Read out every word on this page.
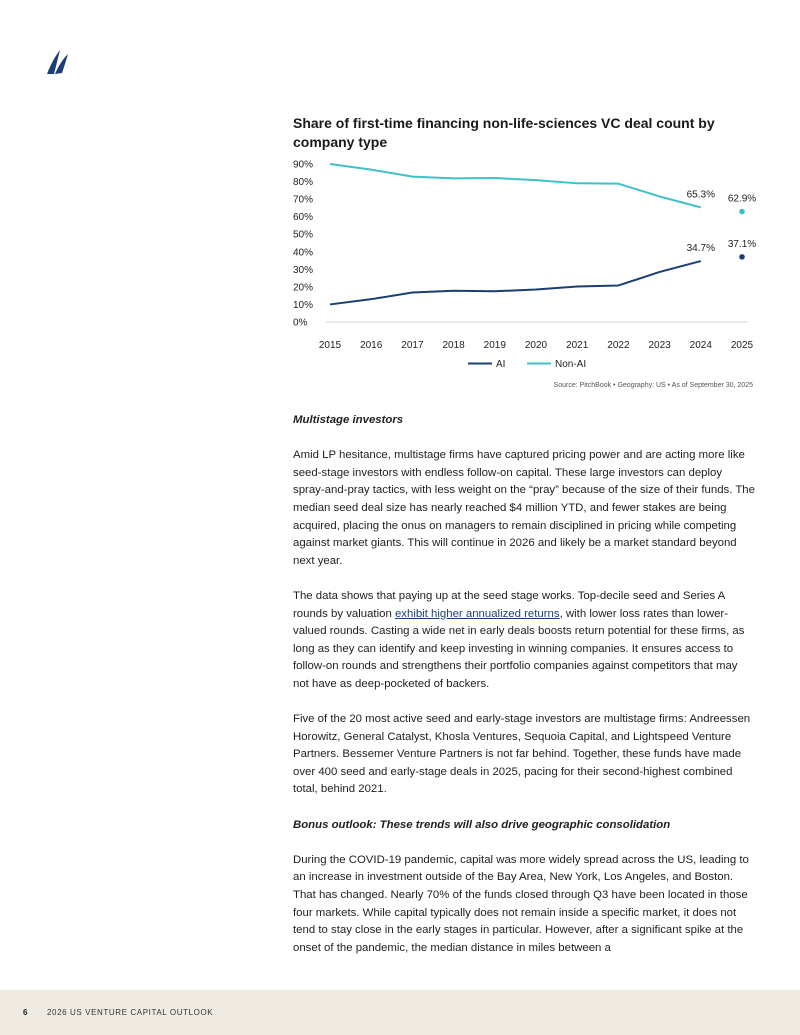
Share of first-time financing non-life-sciences VC deal count by company type
0%
10%
20%
30%
40%
50%
60%
70%
80%
90%
2015 2016 2017 2018 2019 2020 2021 2022 2023 2024 2025
34.7% 37.1%
65.3% 62.9%
AI	Non-AI
Source: PitchBook • Geography: US • As of September 30, 2025

Multistage investors

Amid LP hesitance, multistage firms have captured pricing power and are acting more like seed-stage investors with endless follow-on capital. These large investors can deploy spray-and-pray tactics, with less weight on the “pray” because of the size of their funds. The median seed deal size has nearly reached $4 million YTD, and fewer stakes are being acquired, placing the onus on managers to remain disciplined in pricing while competing against market giants. This will continue in 2026 and likely be a market standard beyond next year.

The data shows that paying up at the seed stage works. Top-decile seed and Series A rounds by valuation exhibit higher annualized returns, with lower loss rates than lower-valued rounds. Casting a wide net in early deals boosts return potential for these firms, as long as they can identify and keep investing in winning companies. It ensures access to follow-on rounds and strengthens their portfolio companies against competitors that may not have as deep-pocketed of backers.

Five of the 20 most active seed and early-stage investors are multistage firms: Andreessen Horowitz, General Catalyst, Khosla Ventures, Sequoia Capital, and Lightspeed Venture Partners. Bessemer Venture Partners is not far behind. Together, these funds have made over 400 seed and early-stage deals in 2025, pacing for their second-highest combined total, behind 2021.

Bonus outlook: These trends will also drive geographic consolidation

During the COVID-19 pandemic, capital was more widely spread across the US, leading to an increase in investment outside of the Bay Area, New York, Los Angeles, and Boston. That has changed. Nearly 70% of the funds closed through Q3 have been located in those four markets. While capital typically does not remain inside a specific market, it does not tend to stay close in the early stages in particular. However, after a significant spike at the onset of the pandemic, the median distance in miles between a

6 2026 US VENTURE CAPITAL OUTLOOK
